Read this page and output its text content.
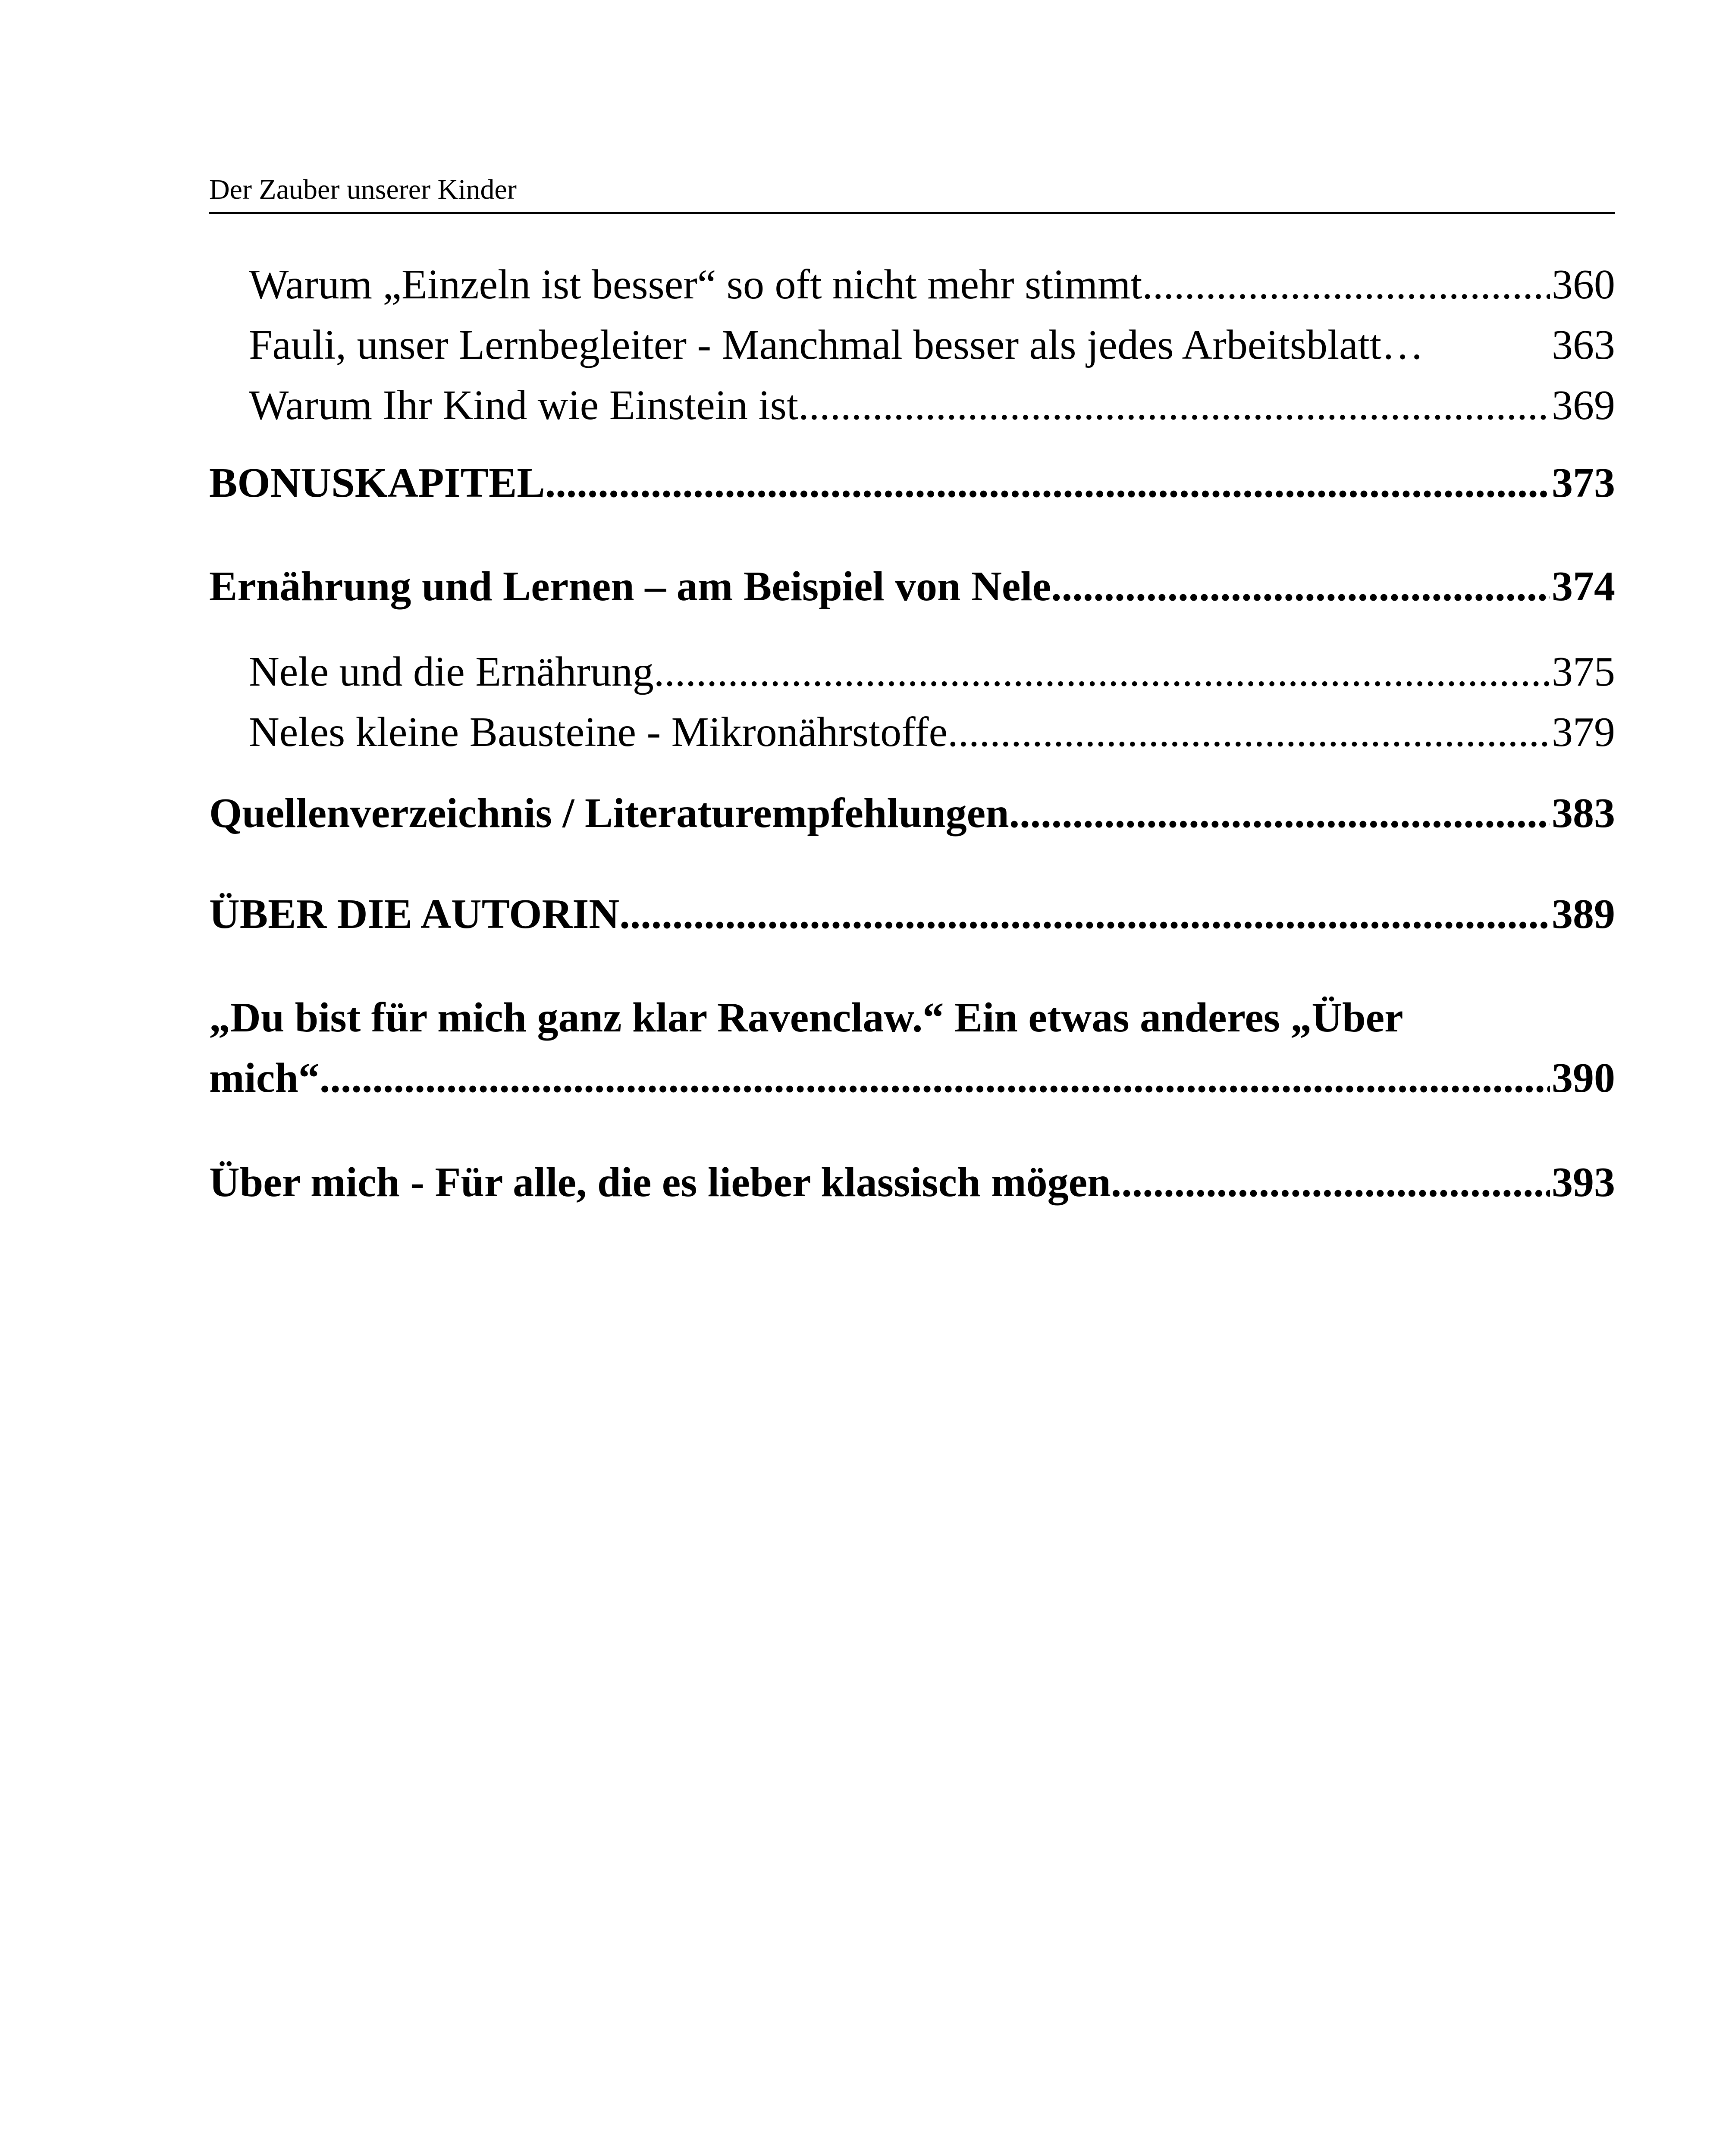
Der Zauber unserer Kinder
Warum „Einzeln ist besser“ so oft nicht mehr stimmt .....	360
Fauli, unser Lernbegleiter - Manchmal besser als jedes Arbeitsblatt …	363
Warum Ihr Kind wie Einstein ist .....	369
BONUSKAPITEL .....	373
Ernährung und Lernen – am Beispiel von Nele .....	374
Nele und die Ernährung .....	375
Neles kleine Bausteine - Mikronährstoffe .....	379
Quellenverzeichnis / Literaturempfehlungen .....	383
ÜBER DIE AUTORIN .....	389
„Du bist für mich ganz klar Ravenclaw.“ Ein etwas anderes „Über
mich“ .....	390
Über mich - Für alle, die es lieber klassisch mögen .....	393
